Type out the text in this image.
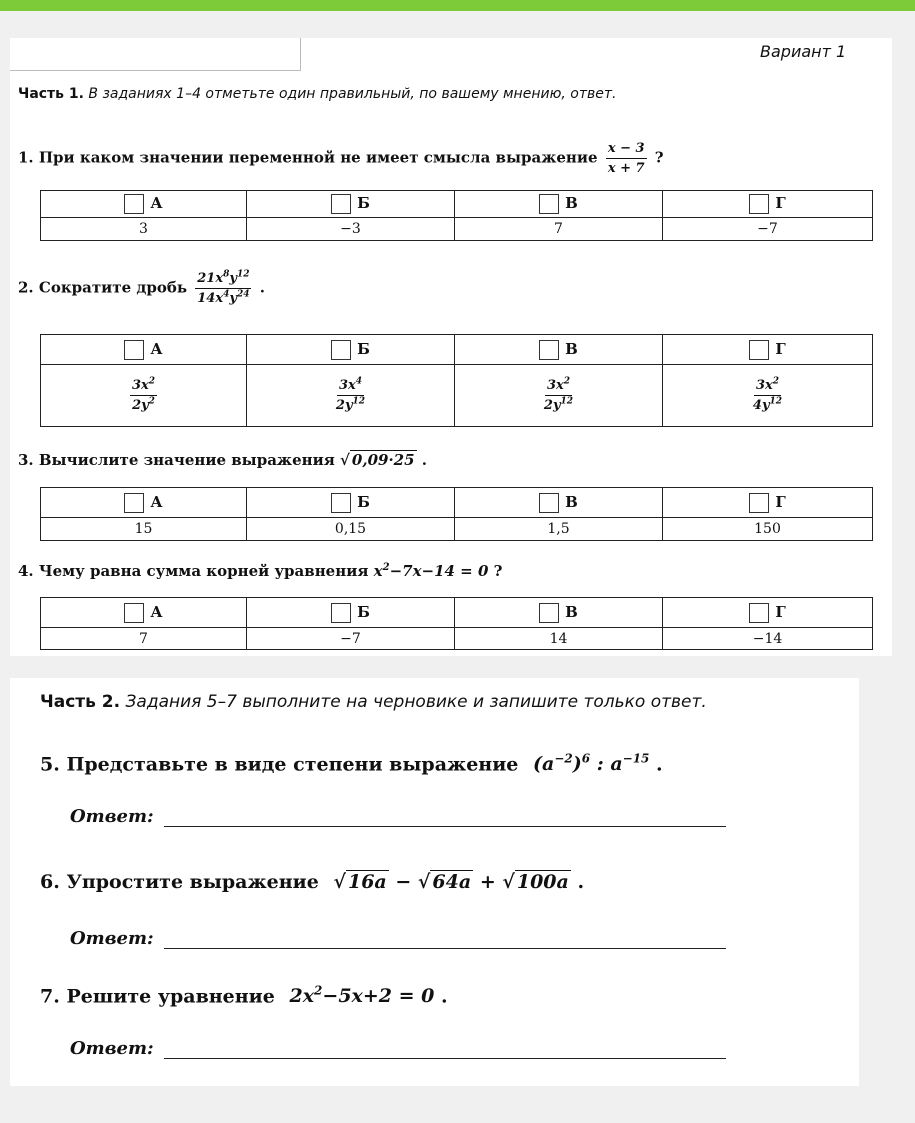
Вариант 1
Часть 1. В заданиях 1–4 отметьте один правильный, по вашему мнению, ответ.
1. При каком значении переменной не имеет смысла выражение $\frac{x - 3}{x + 7}$ ?
А	Б	В	Г
3	−3	7	−7
2. Сократите дробь $\frac{21x^8y^{12}}{14x^4y^{24}}$ .
А	Б	В	Г

$\frac{3x^2}{2y^2}$	$\frac{3x^4}{2y^{12}}$	$\frac{3x^2}{2y^{12}}$	$\frac{3x^2}{4y^{12}}$
3. Вычислите значение выражения √ 0,09·25 .
А	Б	В	Г
15	0,15	1,5	150
4. Чему равна сумма корней уравнения $x^2-7x-14 = 0$ ?
А	Б	В	Г
7	−7	14	−14
Часть 2. Задания 5–7 выполните на черновике и запишите только ответ.
5. Представьте в виде степени выражение $(a^{-2})^6$ : $a^{-15}$ .
Ответ:
6. Упростите выражение √ 16a − √ 64a + √ 100a .
Ответ:
7. Решите уравнение $2x^2-5x+2 = 0$ .
Ответ:
